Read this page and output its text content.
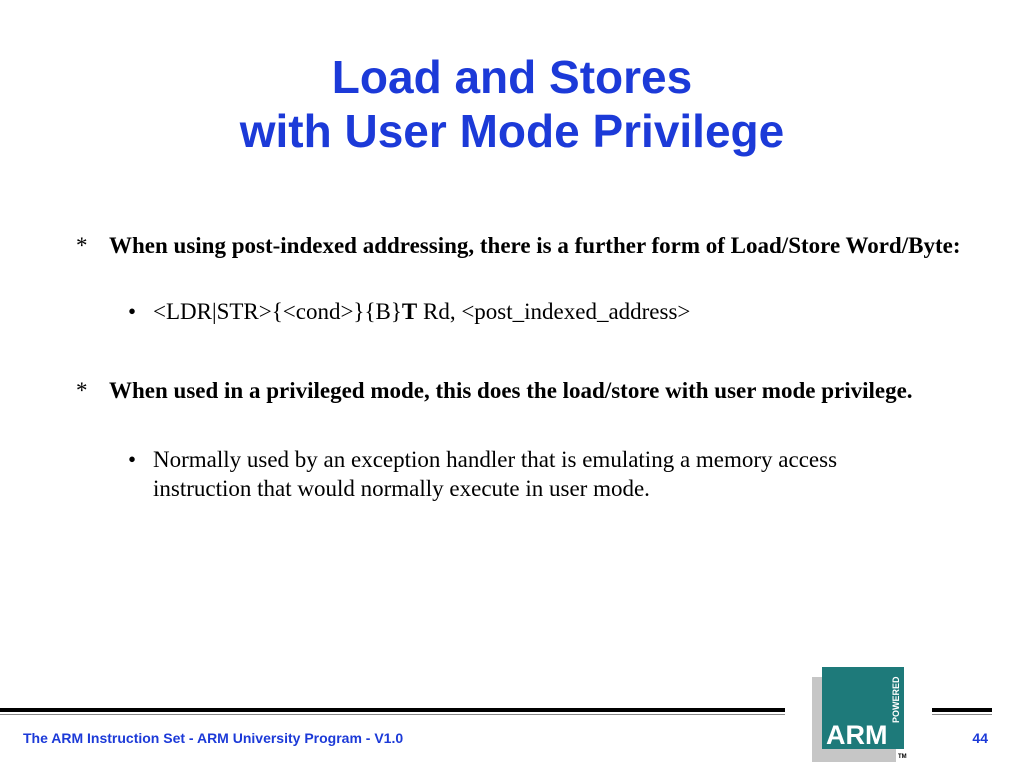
Load and Stores
with User Mode Privilege
* When using post-indexed addressing, there is a further form of Load/Store Word/Byte:
• <LDR|STR>{<cond>}{B}T Rd, <post_indexed_address>
* When used in a privileged mode, this does the load/store with user mode privilege.
• Normally used by an exception handler that is emulating a memory access instruction that would normally execute in user mode.
The ARM Instruction Set - ARM University Program - V1.0	44
ARM
POWERED
TM
